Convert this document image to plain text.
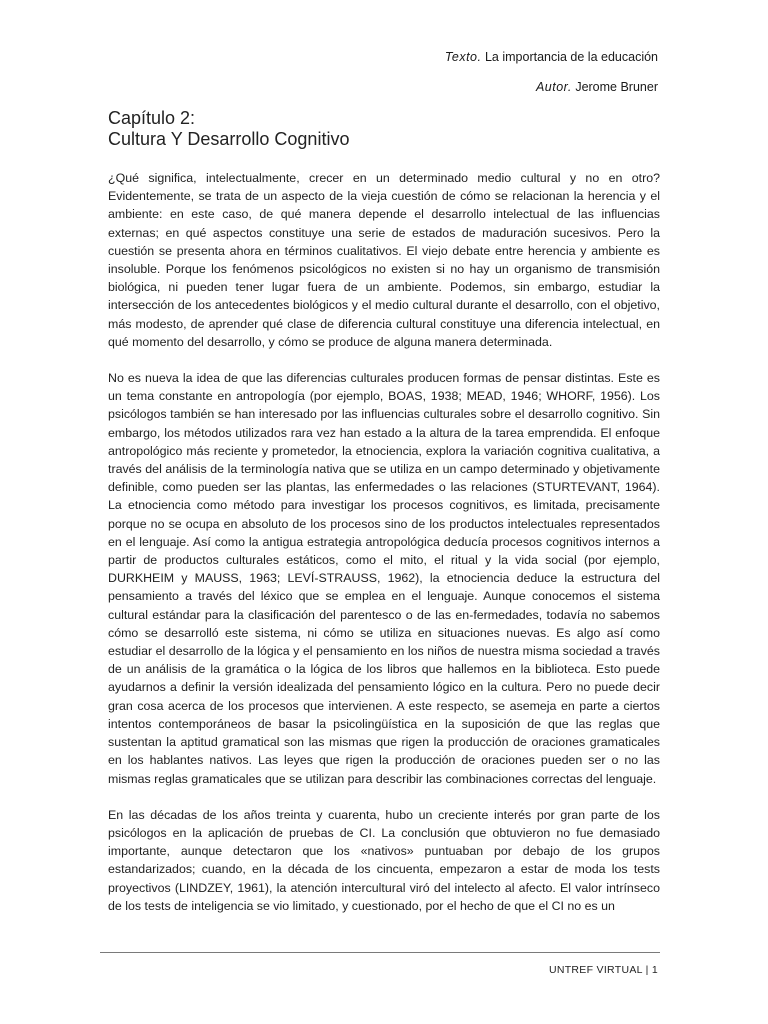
Texto. La importancia de la educación
Autor. Jerome Bruner
Capítulo 2:
Cultura Y Desarrollo Cognitivo

¿Qué significa, intelectualmente, crecer en un determinado medio cultural y no en otro? Evidentemente, se trata de un aspecto de la vieja cuestión de cómo se relacionan la herencia y el ambiente: en este caso, de qué manera depende el desarrollo intelectual de las influencias externas; en qué aspectos constituye una serie de estados de maduración sucesivos. Pero la cuestión se presenta ahora en términos cualitativos. El viejo debate entre herencia y ambiente es insoluble. Porque los fenómenos psicológicos no existen si no hay un organismo de transmisión biológica, ni pueden tener lugar fuera de un ambiente. Podemos, sin embargo, estudiar la intersección de los antecedentes biológicos y el medio cultural durante el desarrollo, con el objetivo, más modesto, de aprender qué clase de diferencia cultural constituye una diferencia intelectual, en qué momento del desarrollo, y cómo se produce de alguna manera determinada.

No es nueva la idea de que las diferencias culturales producen formas de pensar distintas. Este es un tema constante en antropología (por ejemplo, BOAS, 1938; MEAD, 1946; WHORF, 1956). Los psicólogos también se han interesado por las influencias culturales sobre el desarrollo cognitivo. Sin embargo, los métodos utilizados rara vez han estado a la altura de la tarea emprendida. El enfoque antropológico más reciente y prometedor, la etnociencia, explora la variación cognitiva cualitativa, a través del análisis de la terminología nativa que se utiliza en un campo determinado y objetivamente definible, como pueden ser las plantas, las enfermedades o las relaciones (STURTEVANT, 1964). La etnociencia como método para investigar los procesos cognitivos, es limitada, precisamente porque no se ocupa en absoluto de los procesos sino de los productos intelectuales representados en el lenguaje. Así como la antigua estrategia antropológica deducía procesos cognitivos internos a partir de productos culturales estáticos, como el mito, el ritual y la vida social (por ejemplo, DURKHEIM y MAUSS, 1963; LEVÍ-STRAUSS, 1962), la etnociencia deduce la estructura del pensamiento a través del léxico que se emplea en el lenguaje. Aunque conocemos el sistema cultural estándar para la clasificación del parentesco o de las en-fermedades, todavía no sabemos cómo se desarrolló este sistema, ni cómo se utiliza en situaciones nuevas. Es algo así como estudiar el desarrollo de la lógica y el pensamiento en los niños de nuestra misma sociedad a través de un análisis de la gramática o la lógica de los libros que hallemos en la biblioteca. Esto puede ayudarnos a definir la versión idealizada del pensamiento lógico en la cultura. Pero no puede decir gran cosa acerca de los procesos que intervienen. A este respecto, se asemeja en parte a ciertos intentos contemporáneos de basar la psicolingüística en la suposición de que las reglas que sustentan la aptitud gramatical son las mismas que rigen la producción de oraciones gramaticales en los hablantes nativos. Las leyes que rigen la producción de oraciones pueden ser o no las mismas reglas gramaticales que se utilizan para describir las combinaciones correctas del lenguaje.

En las décadas de los años treinta y cuarenta, hubo un creciente interés por gran parte de los psicólogos en la aplicación de pruebas de CI. La conclusión que obtuvieron no fue demasiado importante, aunque detectaron que los «nativos» puntuaban por debajo de los grupos estandarizados; cuando, en la década de los cincuenta, empezaron a estar de moda los tests proyectivos (LINDZEY, 1961), la atención intercultural viró del intelecto al afecto. El valor intrínseco de los tests de inteligencia se vio limitado, y cuestionado, por el hecho de que el CI no es un

UNTREF VIRTUAL | 1
